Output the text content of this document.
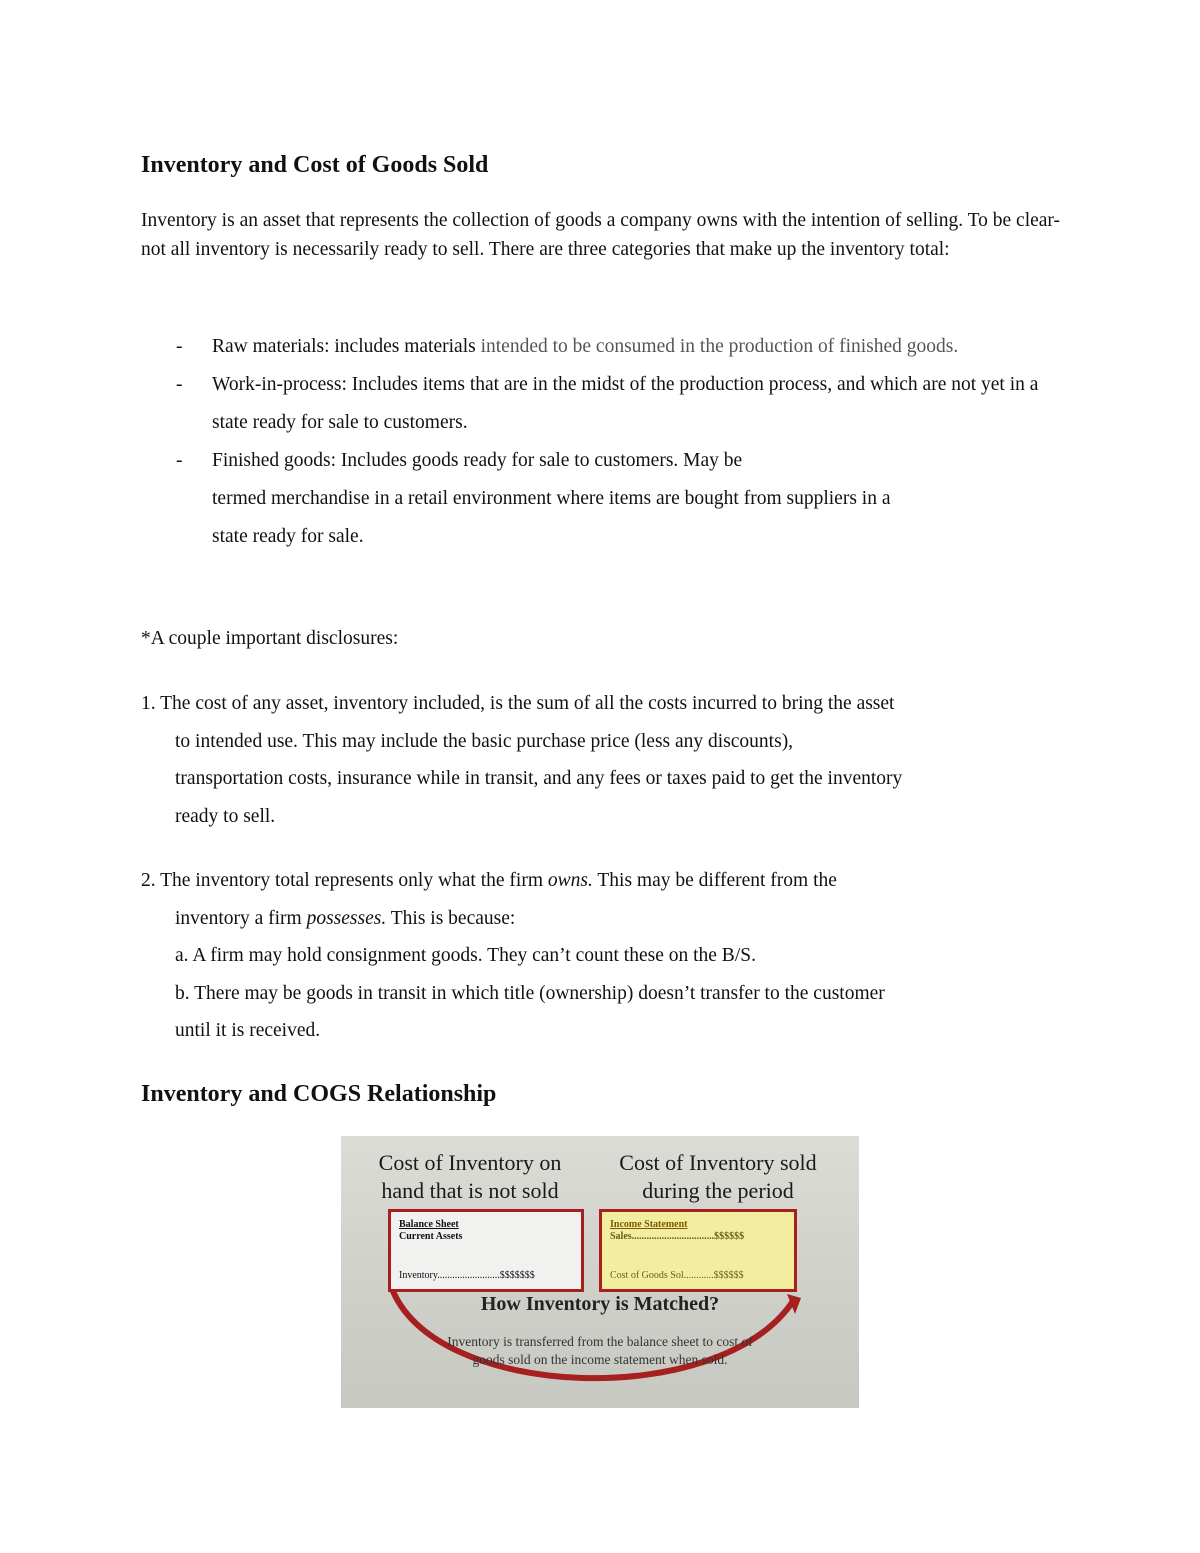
Inventory and Cost of Goods Sold
Inventory is an asset that represents the collection of goods a company owns with the intention of selling. To be clear- not all inventory is necessarily ready to sell. There are three categories that make up the inventory total:
- Raw materials: includes materials intended to be consumed in the production of finished goods.
- Work-in-process: Includes items that are in the midst of the production process, and which are not yet in a state ready for sale to customers.
- Finished goods: Includes goods ready for sale to customers. May be
termed merchandise in a retail environment where items are bought from suppliers in a
state ready for sale.
*A couple important disclosures:
1. The cost of any asset, inventory included, is the sum of all the costs incurred to bring the asset
to intended use. This may include the basic purchase price (less any discounts),
transportation costs, insurance while in transit, and any fees or taxes paid to get the inventory
ready to sell.
2. The inventory total represents only what the firm owns. This may be different from the
inventory a firm possesses. This is because:
a. A firm may hold consignment goods. They can’t count these on the B/S.
b. There may be goods in transit in which title (ownership) doesn’t transfer to the customer
until it is received.
Inventory and COGS Relationship
Cost of Inventory on
hand that is not sold
Cost of Inventory sold
during the period
Balance Sheet
Current Assets
Inventory.........................$$$$$$$
Income Statement
Sales.................................$$$$$$
Cost of Goods Sol............$$$$$$
How Inventory is Matched?
Inventory is transferred from the balance sheet to cost of goods sold on the income statement when sold.
